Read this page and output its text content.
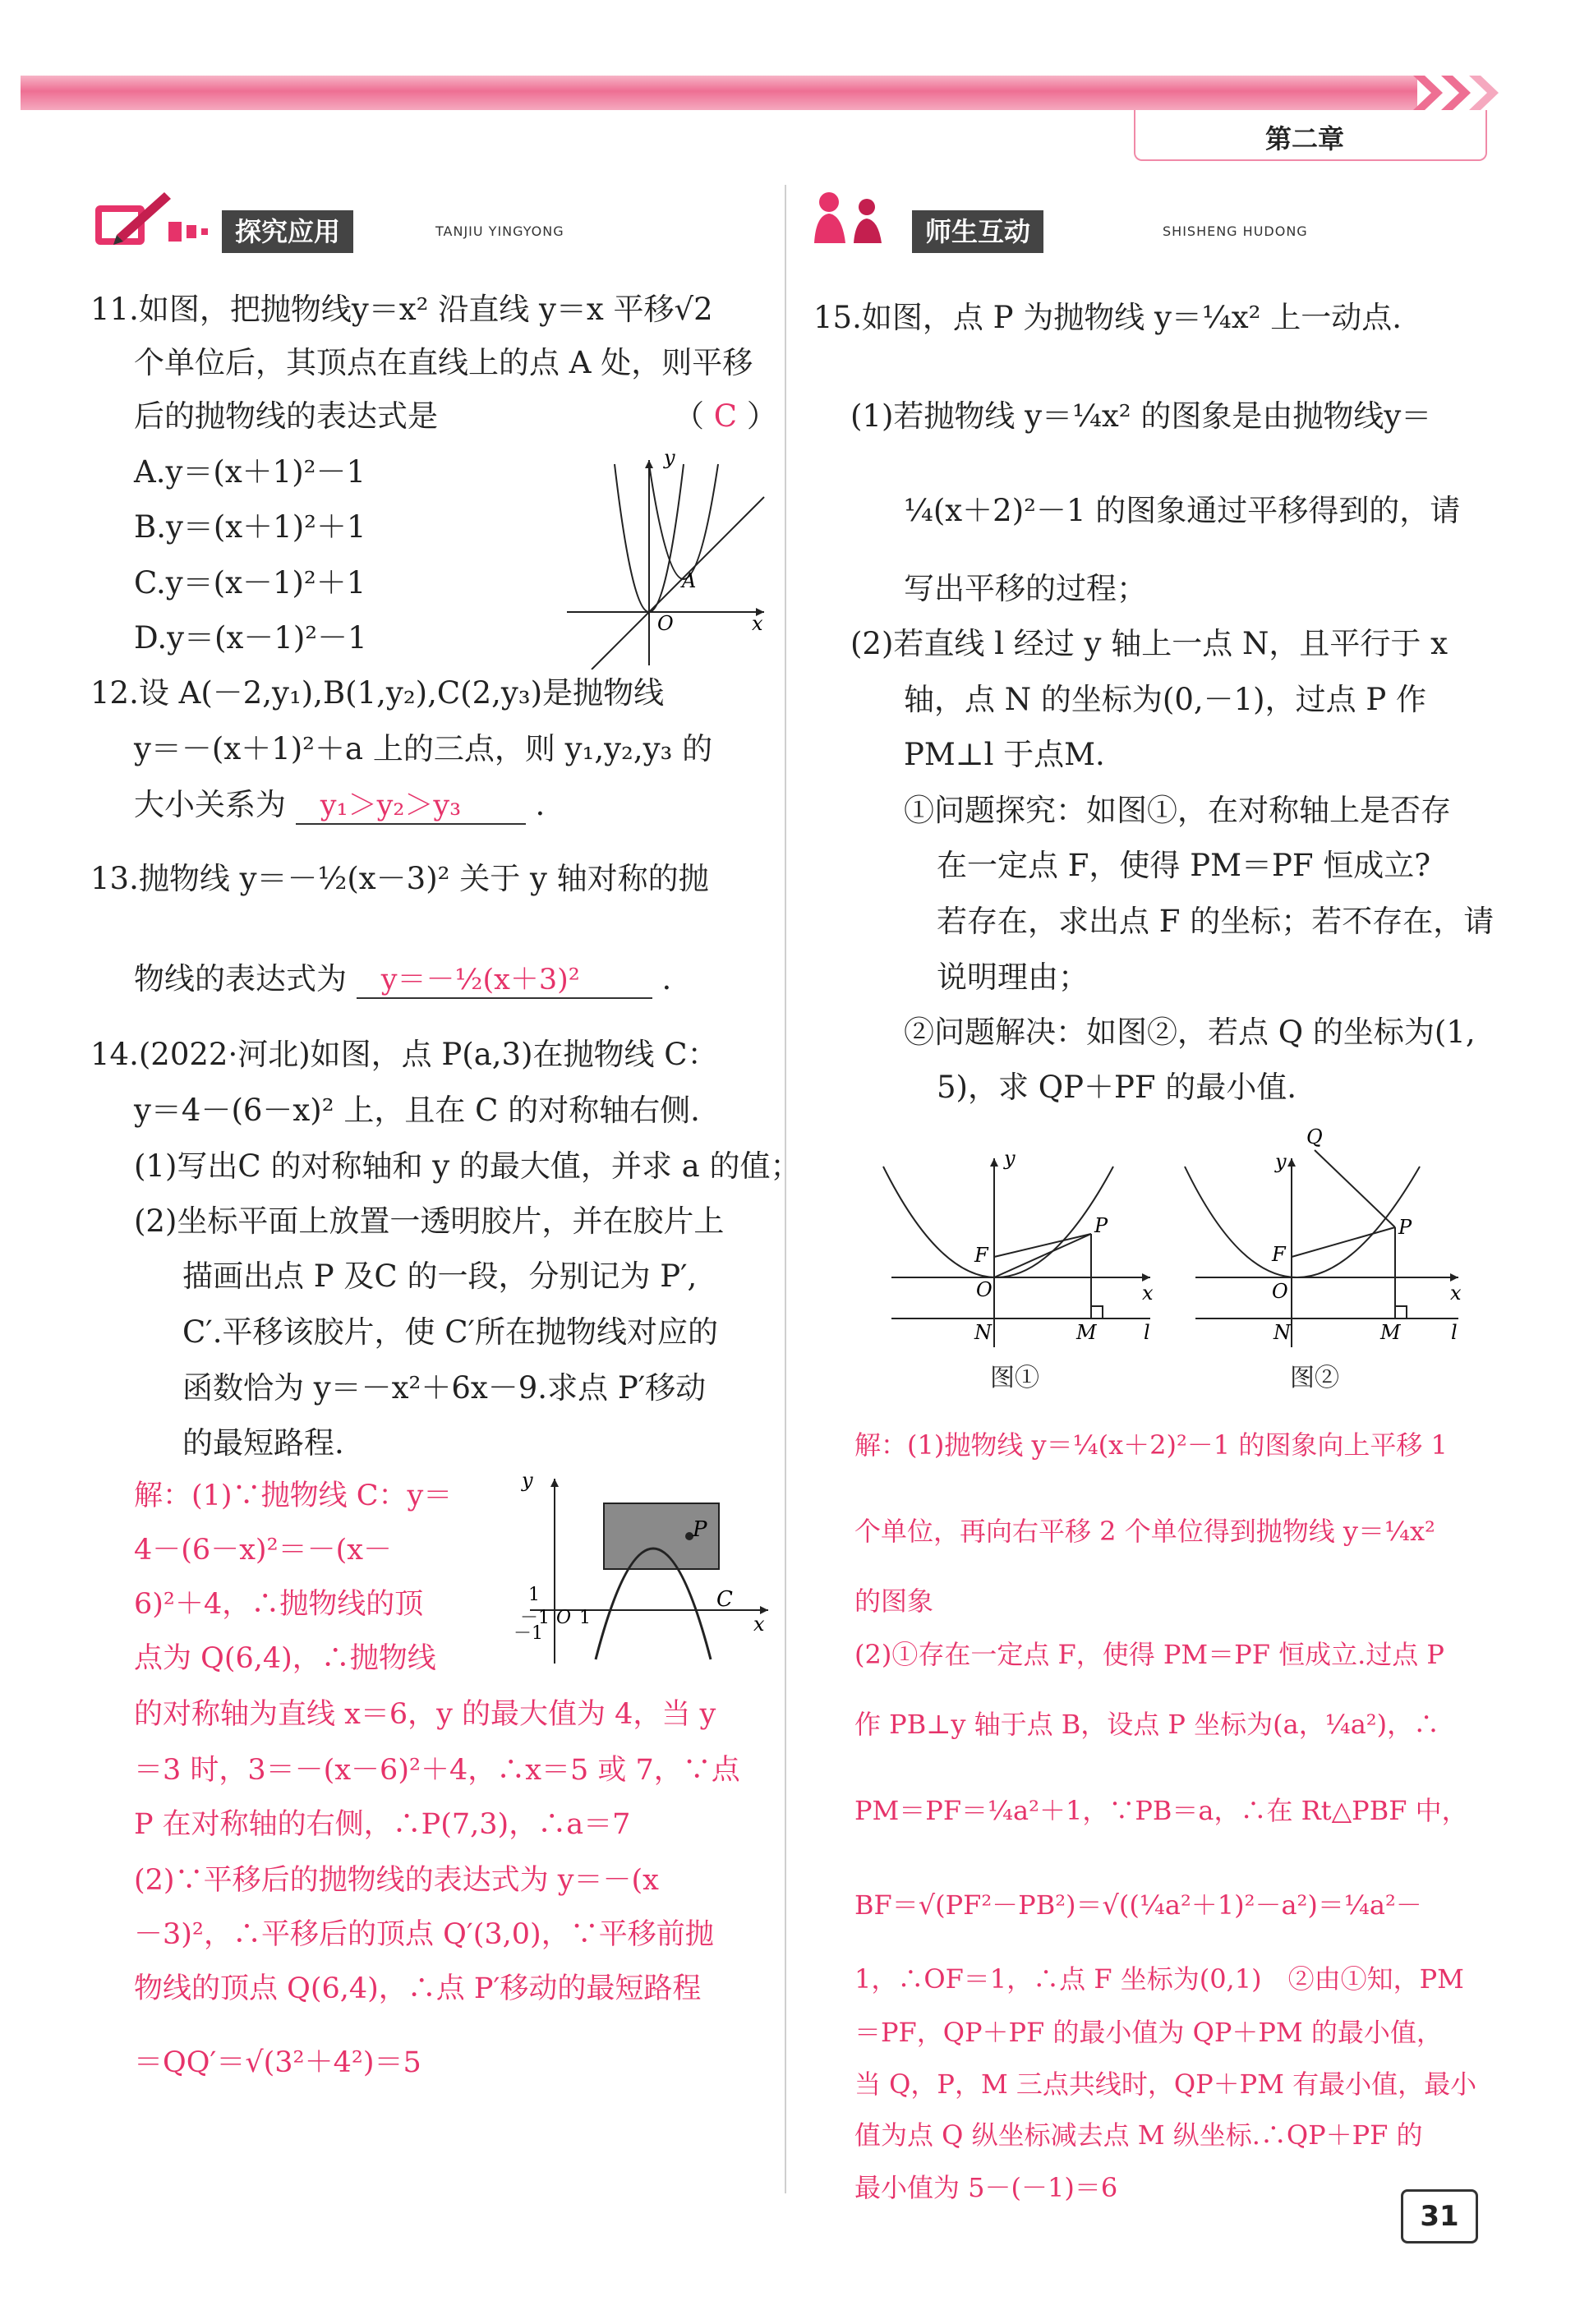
第二章
探究应用	TANJIU YINGYONG	师生互动	SHISHENG HUDONG
11.如图，把抛物线y＝x² 沿直线 y＝x 平移√2
个单位后，其顶点在直线上的点 A 处，则平移
后的抛物线的表达式是	（ C ）
A.y＝(x＋1)²－1
B.y＝(x＋1)²＋1
C.y＝(x－1)²＋1
D.y＝(x－1)²－1
y
x
O
A
12.设 A(－2,y₁),B(1,y₂),C(2,y₃)是抛物线
y＝－(x＋1)²＋a 上的三点，则 y₁,y₂,y₃ 的
大小关系为 y₁＞y₂＞y₃ .
13.抛物线 y＝－½(x－3)² 关于 y 轴对称的抛
物线的表达式为 y＝－½(x＋3)²	.
14.(2022·河北)如图，点 P(a,3)在抛物线 C：
y＝4－(6－x)² 上，且在 C 的对称轴右侧.
(1)写出C 的对称轴和 y 的最大值，并求 a 的值；
(2)坐标平面上放置一透明胶片，并在胶片上
描画出点 P 及C 的一段，分别记为 P′,
C′.平移该胶片，使 C′所在抛物线对应的
函数恰为 y＝－x²＋6x－9.求点 P′移动
的最短路程.
解：(1)∵抛物线 C：y＝
4－(6－x)²＝－(x－
6)²＋4，∴抛物线的顶
点为 Q(6,4)，∴抛物线
的对称轴为直线 x＝6，y 的最大值为 4，当 y
＝3 时，3＝－(x－6)²＋4，∴x＝5 或 7，∵点
P 在对称轴的右侧，∴P(7,3)，∴a＝7
(2)∵平移后的抛物线的表达式为 y＝－(x
－3)²，∴平移后的顶点 Q′(3,0)，∵平移前抛
物线的顶点 Q(6,4)，∴点 P′移动的最短路程
＝QQ′＝√(3²＋4²)＝5
P
C
y
x
1
－1
－1 O 1
15.如图，点 P 为抛物线 y＝¼x² 上一动点.
(1)若抛物线 y＝¼x² 的图象是由抛物线y＝
¼(x＋2)²－1 的图象通过平移得到的，请
写出平移的过程；
(2)若直线 l 经过 y 轴上一点 N，且平行于 x
轴，点 N 的坐标为(0,－1)，过点 P 作
PM⊥l 于点M.
①问题探究：如图①，在对称轴上是否存
在一定点 F，使得 PM＝PF 恒成立?
若存在，求出点 F 的坐标；若不存在，请
说明理由；
②问题解决：如图②，若点 Q 的坐标为(1,
5)，求 QP＋PF 的最小值.
y
x
O
F
P
N	M l
图①
Q
y
x
O
F
P
N	M	l
图②
解：(1)抛物线 y＝¼(x＋2)²－1 的图象向上平移 1
个单位，再向右平移 2 个单位得到抛物线 y＝¼x²
的图象
(2)①存在一定点 F，使得 PM＝PF 恒成立.过点 P
作 PB⊥y 轴于点 B，设点 P 坐标为(a，¼a²)，∴
PM＝PF＝¼a²＋1，∵PB＝a，∴在 Rt△PBF 中，
BF＝√(PF²－PB²)＝√((¼a²＋1)²－a²)＝¼a²－
1，∴OF＝1，∴点 F 坐标为(0,1)　②由①知，PM
＝PF，QP＋PF 的最小值为 QP＋PM 的最小值，
当 Q，P，M 三点共线时，QP＋PM 有最小值，最小
值为点 Q 纵坐标减去点 M 纵坐标.∴QP＋PF 的
最小值为 5－(－1)＝6
31
